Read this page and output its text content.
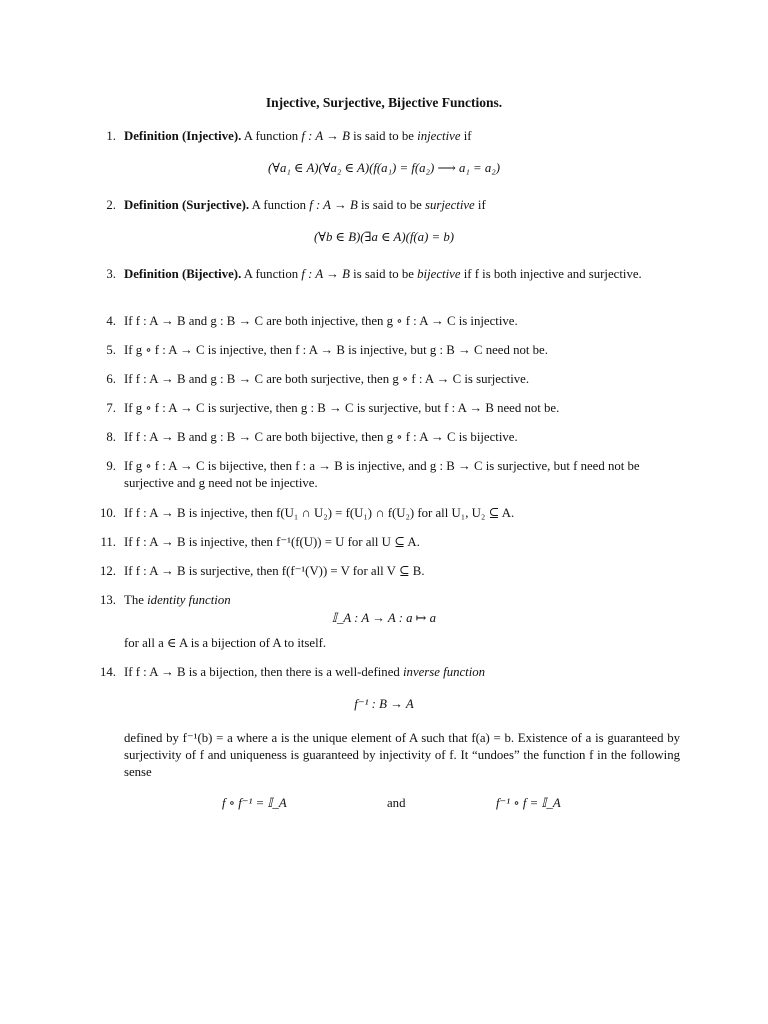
Injective, Surjective, Bijective Functions.
1. Definition (Injective). A function f : A → B is said to be injective if
(∀a₁ ∈ A)(∀a₂ ∈ A)(f(a₁) = f(a₂) ⟶ a₁ = a₂)
2. Definition (Surjective). A function f : A → B is said to be surjective if
(∀b ∈ B)(∃a ∈ A)(f(a) = b)
3. Definition (Bijective). A function f : A → B is said to be bijective if f is both injective and surjective.
4. If f : A → B and g : B → C are both injective, then g ∘ f : A → C is injective.
5. If g ∘ f : A → C is injective, then f : A → B is injective, but g : B → C need not be.
6. If f : A → B and g : B → C are both surjective, then g ∘ f : A → C is surjective.
7. If g ∘ f : A → C is surjective, then g : B → C is surjective, but f : A → B need not be.
8. If f : A → B and g : B → C are both bijective, then g ∘ f : A → C is bijective.
9. If g ∘ f : A → C is bijective, then f : a → B is injective, and g : B → C is surjective, but f need not be surjective and g need not be injective.
10. If f : A → B is injective, then f(U₁ ∩ U₂) = f(U₁) ∩ f(U₂) for all U₁, U₂ ⊆ A.
11. If f : A → B is injective, then f⁻¹(f(U)) = U for all U ⊆ A.
12. If f : A → B is surjective, then f(f⁻¹(V)) = V for all V ⊆ B.
13. The identity function
𝕀_A : A → A : a ↦ a
for all a ∈ A is a bijection of A to itself.
14. If f : A → B is a bijection, then there is a well-defined inverse function
f⁻¹ : B → A
defined by f⁻¹(b) = a where a is the unique element of A such that f(a) = b. Existence of a is guaranteed by surjectivity of f and uniqueness is guaranteed by injectivity of f. It “undoes” the function f in the following sense
f ∘ f⁻¹ = 𝕀_A	and	f⁻¹ ∘ f = 𝕀_A
